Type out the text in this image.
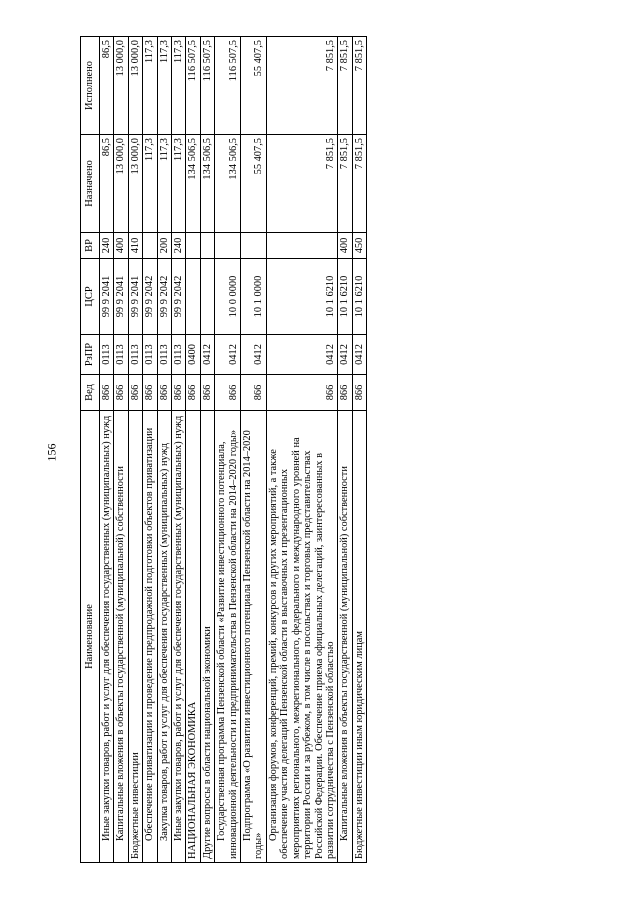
156
Наименование	Вед	РзПР	ЦСР	ВР	Назначено	Исполнено
Иные закупки товаров, работ и услуг для обеспечения государственных (муниципальных) нужд	866	0113	99 9 2041	240	86,5	86,5
Капитальные вложения в объекты государственной (муниципальной) собственности	866	0113	99 9 2041	400	13 000,0	13 000,0
Бюджетные инвестиции	866	0113	99 9 2041	410	13 000,0	13 000,0
Обеспечение приватизации и проведение предпродажной подготовки объектов приватизации	866	0113	99 9 2042		117,3	117,3
Закупка товаров, работ и услуг для обеспечения государственных (муниципальных) нужд	866	0113	99 9 2042	200	117,3	117,3
Иные закупки товаров, работ и услуг для обеспечения государственных (муниципальных) нужд	866	0113	99 9 2042	240	117,3	117,3
НАЦИОНАЛЬНАЯ ЭКОНОМИКА	866	0400			134 506,5	116 507,5
Другие вопросы в области национальной экономики	866	0412			134 506,5	116 507,5
Государственная программа Пензенской области «Развитие инвестиционного потенциала, инновационной деятельности и предпринимательства в Пензенской области на 2014–2020 годы»	866	0412	10 0 0000		134 506,5	116 507,5
Подпрограмма «О развитии инвестиционного потенциала Пензенской области на 2014–2020 годы»	866	0412	10 1 0000		55 407,5	55 407,5
Организация форумов, конференций, премий, конкурсов и других мероприятий, а также обеспечение участия делегаций Пензенской области в выставочных и презентационных мероприятиях регионального, межрегионального, федерального и международного уровней на территории России и за рубежом, в том числе в посольствах и торговых представительствах Российской Федерации. Обеспечение приема официальных делегаций, заинтересованных в развитии сотрудничества с Пензенской областью	866	0412	10 1 6210		7 851,5	7 851,5
Капитальные вложения в объекты государственной (муниципальной) собственности	866	0412	10 1 6210	400	7 851,5	7 851,5
Бюджетные инвестиции иным юридическим лицам	866	0412	10 1 6210	450	7 851,5	7 851,5
